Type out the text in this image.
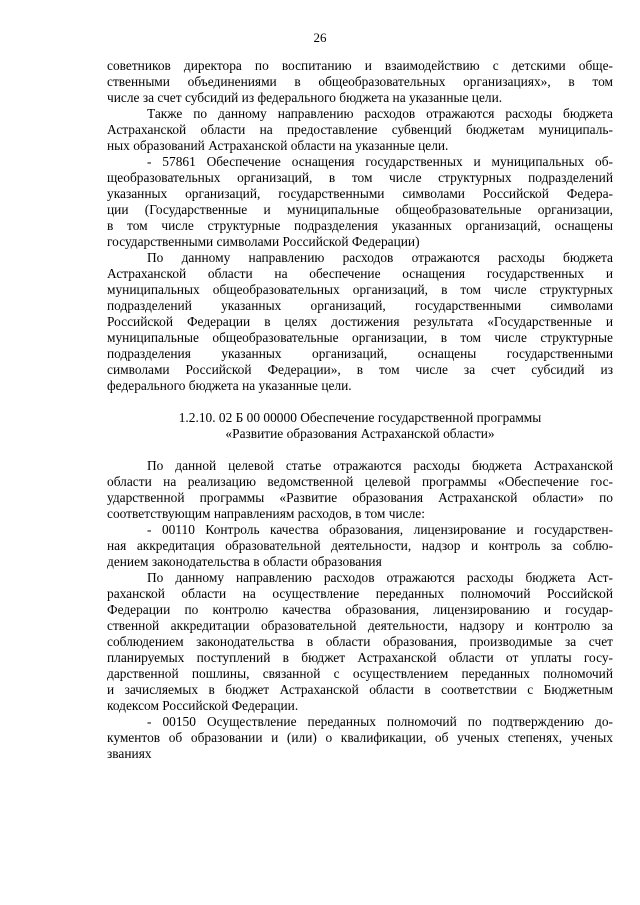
26
советников директора по воспитанию и взаимодействию с детскими обще-
ственными объединениями в общеобразовательных организациях», в том
числе за счет субсидий из федерального бюджета на указанные цели.
Также по данному направлению расходов отражаются расходы бюджета
Астраханской области на предоставление субвенций бюджетам муниципаль-
ных образований Астраханской области на указанные цели.
- 57861 Обеспечение оснащения государственных и муниципальных об-
щеобразовательных организаций, в том числе структурных подразделений
указанных организаций, государственными символами Российской Федера-
ции (Государственные и муниципальные общеобразовательные организации,
в том числе структурные подразделения указанных организаций, оснащены
государственными символами Российской Федерации)
По данному направлению расходов отражаются расходы бюджета
Астраханской области на обеспечение оснащения государственных и
муниципальных общеобразовательных организаций, в том числе структурных
подразделений указанных организаций, государственными символами
Российской Федерации в целях достижения результата «Государственные и
муниципальные общеобразовательные организации, в том числе структурные
подразделения указанных организаций, оснащены государственными
символами Российской Федерации», в том числе за счет субсидий из
федерального бюджета на указанные цели.
1.2.10. 02 Б 00 00000 Обеспечение государственной программы
«Развитие образования Астраханской области»
По данной целевой статье отражаются расходы бюджета Астраханской
области на реализацию ведомственной целевой программы «Обеспечение гос-
ударственной программы «Развитие образования Астраханской области» по
соответствующим направлениям расходов, в том числе:
- 00110 Контроль качества образования, лицензирование и государствен-
ная аккредитация образовательной деятельности, надзор и контроль за соблю-
дением законодательства в области образования
По данному направлению расходов отражаются расходы бюджета Аст-
раханской области на осуществление переданных полномочий Российской
Федерации по контролю качества образования, лицензированию и государ-
ственной аккредитации образовательной деятельности, надзору и контролю за
соблюдением законодательства в области образования, производимые за счет
планируемых поступлений в бюджет Астраханской области от уплаты госу-
дарственной пошлины, связанной с осуществлением переданных полномочий
и зачисляемых в бюджет Астраханской области в соответствии с Бюджетным
кодексом Российской Федерации.
- 00150 Осуществление переданных полномочий по подтверждению до-
кументов об образовании и (или) о квалификации, об ученых степенях, ученых
званиях
